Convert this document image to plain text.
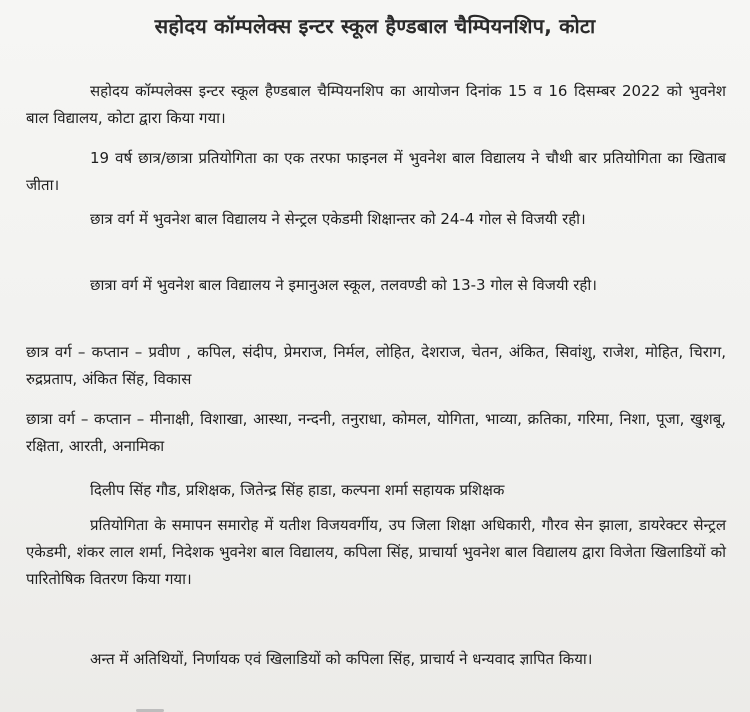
सहोदय कॉम्पलेक्स इन्टर स्कूल हैण्डबाल चैम्पियनशिप, कोटा

सहोदय कॉम्पलेक्स इन्टर स्कूल हैण्डबाल चैम्पियनशिप का आयोजन दिनांक 15 व 16 दिसम्बर 2022 को भुवनेश बाल विद्यालय, कोटा द्वारा किया गया।

19 वर्ष छात्र/छात्रा प्रतियोगिता का एक तरफा फाइनल में भुवनेश बाल विद्यालय ने चौथी बार प्रतियोगिता का खिताब जीता।

छात्र वर्ग में भुवनेश बाल विद्यालय ने सेन्ट्रल एकेडमी शिक्षान्तर को 24-4 गोल से विजयी रही।

छात्रा वर्ग में भुवनेश बाल विद्यालय ने इमानुअल स्कूल, तलवण्डी को 13-3 गोल से विजयी रही।

छात्र वर्ग – कप्तान – प्रवीण , कपिल, संदीप, प्रेमराज, निर्मल, लोहित, देशराज, चेतन, अंकित, सिवांशु, राजेश, मोहित, चिराग, रुद्रप्रताप, अंकित सिंह, विकास

छात्रा वर्ग – कप्तान – मीनाक्षी, विशाखा, आस्था, नन्दनी, तनुराधा, कोमल, योगिता, भाव्या, क्रतिका, गरिमा, निशा, पूजा, खुशबू, रक्षिता, आरती, अनामिका

दिलीप सिंह गौड, प्रशिक्षक, जितेन्द्र सिंह हाडा, कल्पना शर्मा सहायक प्रशिक्षक

प्रतियोगिता के समापन समारोह में यतीश विजयवर्गीय, उप जिला शिक्षा अधिकारी, गौरव सेन झाला, डायरेक्टर सेन्ट्रल एकेडमी, शंकर लाल शर्मा, निदेशक भुवनेश बाल विद्यालय, कपिला सिंह, प्राचार्या भुवनेश बाल विद्यालय द्वारा विजेता खिलाडियों को पारितोषिक वितरण किया गया।

अन्त में अतिथियों, निर्णायक एवं खिलाडियों को कपिला सिंह, प्राचार्य ने धन्यवाद ज्ञापित किया।
